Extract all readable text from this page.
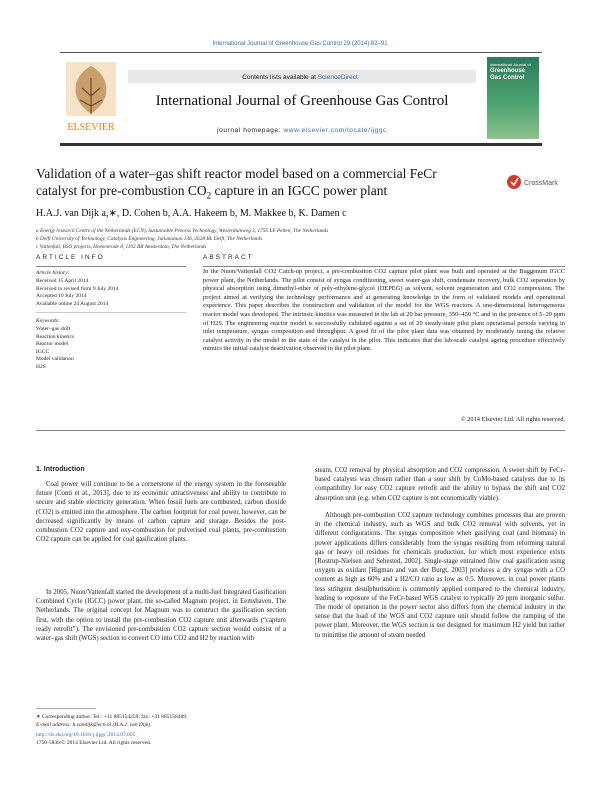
International Journal of Greenhouse Gas Control 29 (2014) 82–91
ELSEVIER
Contents lists available at ScienceDirect
International Journal of Greenhouse Gas Control
journal homepage: www.elsevier.com/locate/ijggc
International Journal of
Greenhouse Gas Control
Validation of a water–gas shift reactor model based on a commercial FeCr catalyst for pre-combustion $CO_2$ capture in an IGCC power plant	CrossMark
H.A.J. van Dijk a,∗, D. Cohen b, A.A. Hakeem b, M. Makkee b, K. Damen c
a Energy research Centre of the Netherlands (ECN), Sustainable Process Technology, Westerduinweg 3, 1755 LE Petten, The Netherlands
b Delft University of Technology, Catalysis Engineering, Julianalaan 136, 2628 BL Delft, The Netherlands
c Vattenfall, BSO projects, Hoekenrode 8, 1102 BR Amsterdam, The Netherlands
ARTICLE INFO
Article history:
Received 15 April 2014
Received in revised form 9 July 2014
Accepted 10 July 2014
Available online 24 August 2014
Keywords:
Water–gas shift
Reaction kinetics
Reactor model
IGCC
Model validation
H2S
ABSTRACT
In the Nuon/Vattenfall CO2 Catch-up project, a pre-combustion CO2 capture pilot plant was built and operated at the Buggenum IGCC power plant, the Netherlands. The pilot consist of syngas conditioning, sweet water-gas shift, condensate recovery, bulk CO2 separation by physical absorption using dimethyl-ether of poly-ethylene-glycol (DEPEG) as solvent, solvent regeneration and CO2 compression. The project aimed at verifying the technology performance and at generating knowledge in the form of validated models and operational experience. This paper describes the construction and validation of the model for the WGS reactors. A one-dimensional heterogeneous reactor model was developed. The intrinsic kinetics was measured in the lab at 20 bar pressure, 350–450 °C and in the presence of 5–20 ppm of H2S. The engineering reactor model is successfully validated against a set of 20 steady-state pilot plant operational periods varying in inlet temperature, syngas composition and throughput. A good fit of the pilot plant data was obtained by moderately tuning the relative catalyst activity in the model to the state of the catalyst in the pilot. This indicates that the lab-scale catalyst ageing procedure effectively mimics the initial catalyst deactivation observed in the pilot plant.
© 2014 Elsevier Ltd. All rights reserved.
1. Introduction
Coal power will continue to be a cornerstone of the energy system in the foreseeable future [Conti et al., 2013], due to its economic attractiveness and ability to contribute to secure and stable electricity generation. When fossil fuels are combusted, carbon dioxide (CO2) is emitted into the atmosphere. The carbon footprint for coal power, however, can be decreased significantly by means of carbon capture and storage. Besides the post-combustion CO2 capture and oxy-combustion for pulverised coal plants, pre-combustion CO2 capture can be applied for coal gasification plants.
In 2005, Nuon/Vattenfall started the development of a multi-fuel Integrated Gasification Combined Cycle (IGCC) power plant, the so-called Magnum project, in Eemshaven, The Netherlands. The original concept for Magnum was to construct the gasification section first, with the option to install the pre-combustion CO2 capture unit afterwards (“capture ready retrofit”). The envisioned pre-combustion CO2 capture section would consist of a water–gas shift (WGS) section to convert CO into CO2 and H2 by reaction with
steam, CO2 removal by physical absorption and CO2 compression. A sweet shift by FeCr-based catalysts was chosen rather than a sour shift by CoMo-based catalysts due to its compatibility for easy CO2 capture retrofit and the ability to bypass the shift and CO2 absorption unit (e.g. when CO2 capture is not economically viable).
Although pre-combustion CO2 capture technology combines processes that are proven in the chemical industry, such as WGS and bulk CO2 removal with solvents, yet in different configurations. The syngas composition when gasifying coal (and biomass) in power applications differs considerably from the syngas resulting from reforming natural gas or heavy oil residues for chemicals production, for which most experience exists [Rostrup-Nielsen and Sehested, 2002]. Single-stage entrained flow coal gasification using oxygen as oxidant [Higman and van der Burgt, 2003] produces a dry syngas with a CO content as high as 60% and a H2/CO ratio as low as 0.5. Moreover, in coal power plants less stringent desulphurisation is commonly applied compared to the chemical industry, leading to exposure of the FeCr-based WGS catalyst to typically 20 ppm inorganic sulfur. The mode of operation in the power sector also differs from the chemical industry in the sense that the load of the WGS and CO2 capture unit should follow the ramping of the power plant. Moreover, the WGS section is not designed for maximum H2 yield but rather to minimise the amount of steam needed
∗ Corresponding author. Tel.: +31 885154259; fax: +31 885158489.
E-mail address: h.vandijk@ecn.nl (H.A.J. van Dijk).
http://dx.doi.org/10.1016/j.ijggc.2014.07.005
1750-5836/© 2014 Elsevier Ltd. All rights reserved.
